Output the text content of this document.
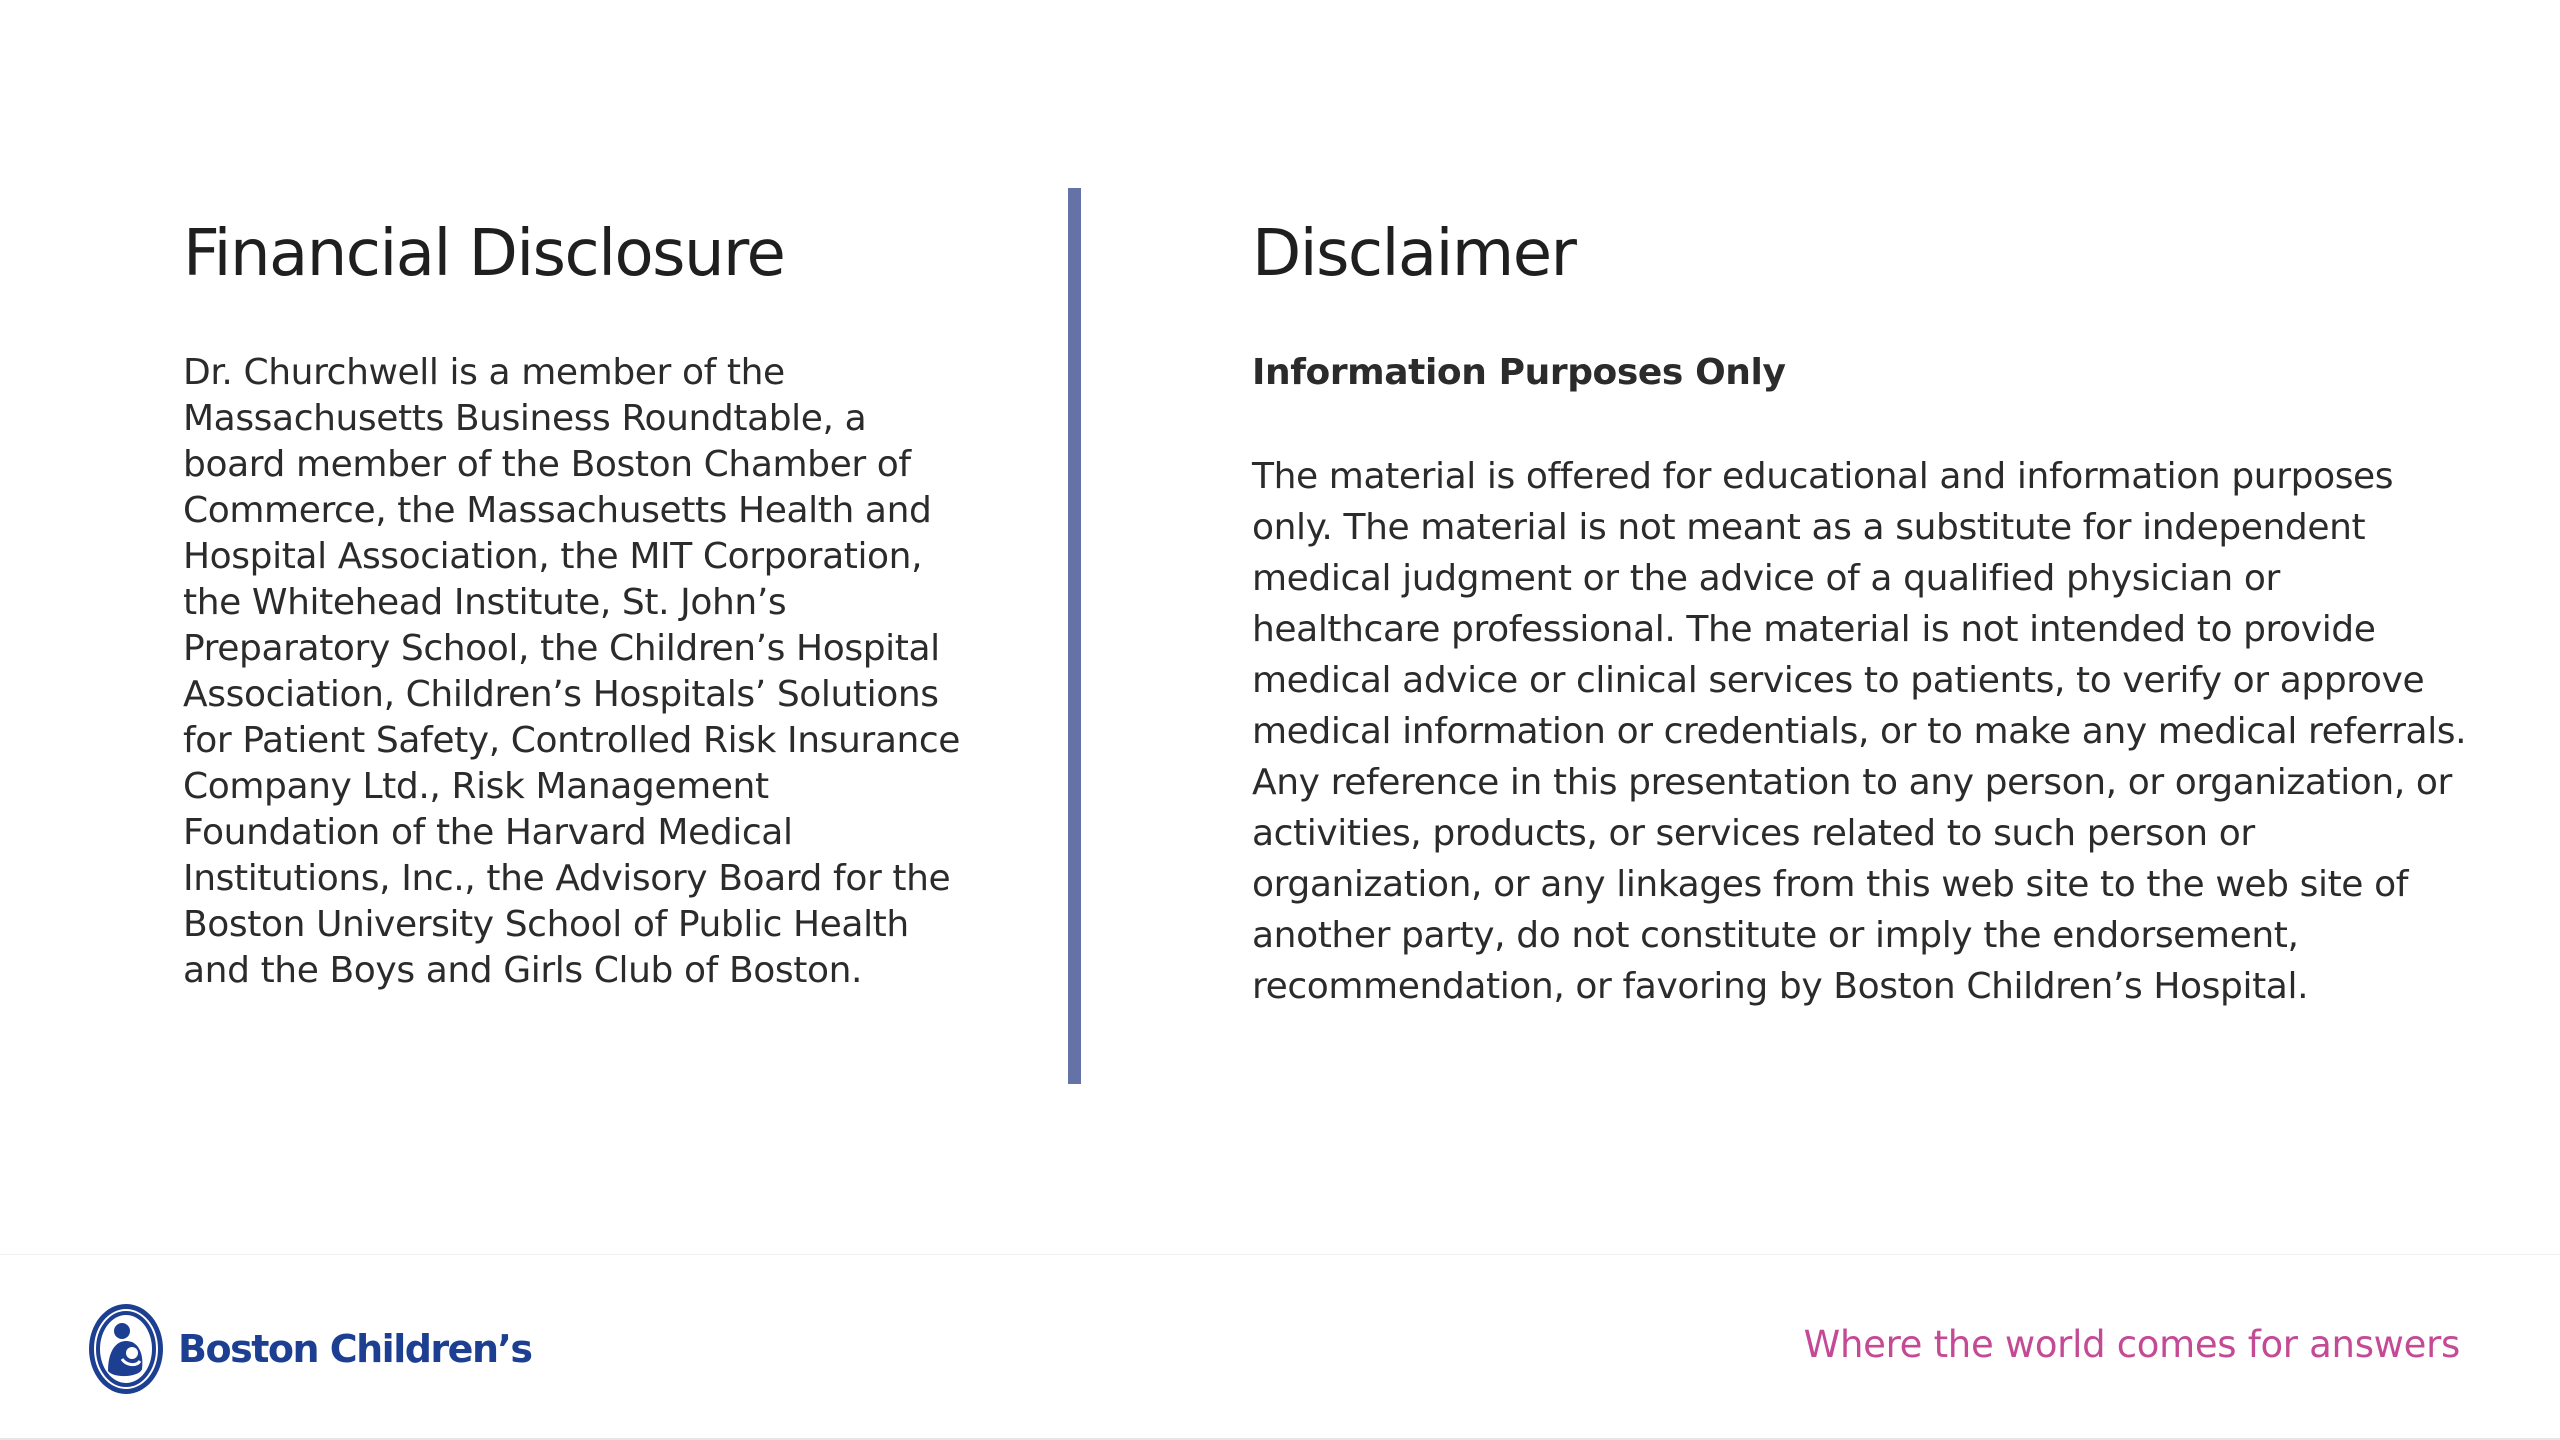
Financial Disclosure
Dr. Churchwell is a member of the
Massachusetts Business Roundtable, a
board member of the Boston Chamber of
Commerce, the Massachusetts Health and
Hospital Association, the MIT Corporation,
the Whitehead Institute, St. John’s
Preparatory School, the Children’s Hospital
Association, Children’s Hospitals’ Solutions
for Patient Safety, Controlled Risk Insurance
Company Ltd., Risk Management
Foundation of the Harvard Medical
Institutions, Inc., the Advisory Board for the
Boston University School of Public Health
and the Boys and Girls Club of Boston.
Disclaimer
Information Purposes Only
The material is offered for educational and information purposes
only. The material is not meant as a substitute for independent
medical judgment or the advice of a qualified physician or
healthcare professional. The material is not intended to provide
medical advice or clinical services to patients, to verify or approve
medical information or credentials, or to make any medical referrals.
Any reference in this presentation to any person, or organization, or
activities, products, or services related to such person or
organization, or any linkages from this web site to the web site of
another party, do not constitute or imply the endorsement,
recommendation, or favoring by Boston Children’s Hospital.
Boston Children’s	Where the world comes for answers
